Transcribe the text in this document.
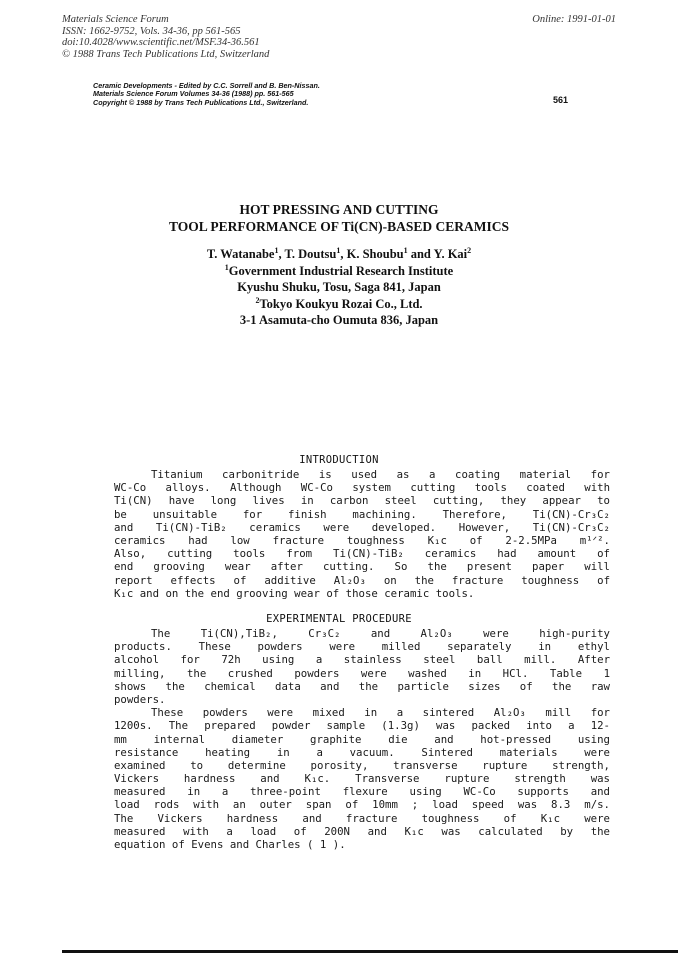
Materials Science Forum
ISSN: 1662-9752, Vols. 34-36, pp 561-565
doi:10.4028/www.scientific.net/MSF.34-36.561
© 1988 Trans Tech Publications Ltd, Switzerland
Online: 1991-01-01
Ceramic Developments - Edited by C.C. Sorrell and B. Ben-Nissan.
Materials Science Forum Volumes 34-36 (1988) pp. 561-565
Copyright © 1988 by Trans Tech Publications Ltd., Switzerland.	561
HOT PRESSING AND CUTTING
TOOL PERFORMANCE OF Ti(CN)-BASED CERAMICS
T. Watanabe$^1$, T. Doutsu$^1$, K. Shoubu$^1$ and Y. Kai$^2$
$^1$Government Industrial Research Institute
Kyushu Shuku, Tosu, Saga 841, Japan
$^2$Tokyo Koukyu Rozai Co., Ltd.
3-1 Asamuta-cho Oumuta 836, Japan
INTRODUCTION
Titanium carbonitride is used as a coating material for
WC-Co alloys. Although WC-Co system cutting tools coated with
Ti(CN) have long lives in carbon steel cutting, they appear to
be unsuitable for finish machining. Therefore, Ti(CN)-Cr₃C₂
and Ti(CN)-TiB₂ ceramics were developed. However, Ti(CN)-Cr₃C₂
ceramics had low fracture toughness K₁c of 2-2.5MPa m¹ᐟ².
Also, cutting tools from Ti(CN)-TiB₂ ceramics had amount of
end grooving wear after cutting. So the present paper will
report effects of additive Al₂O₃ on the fracture toughness of
K₁c and on the end grooving wear of those ceramic tools.
EXPERIMENTAL PROCEDURE
The Ti(CN),TiB₂, Cr₃C₂ and Al₂O₃ were high-purity
products. These powders were milled separately in ethyl
alcohol for 72h using a stainless steel ball mill. After
milling, the crushed powders were washed in HCl. Table 1
shows the chemical data and the particle sizes of the raw
powders.
These powders were mixed in a sintered Al₂O₃ mill for
1200s. The prepared powder sample (1.3g) was packed into a 12-
mm internal diameter graphite die and hot-pressed using
resistance heating in a vacuum. Sintered materials were
examined to determine porosity, transverse rupture strength,
Vickers hardness and K₁c. Transverse rupture strength was
measured in a three-point flexure using WC-Co supports and
load rods with an outer span of 10mm ; load speed was 8.3 m/s.
The Vickers hardness and fracture toughness of K₁c were
measured with a load of 200N and K₁c was calculated by the
equation of Evens and Charles ( 1 ).
